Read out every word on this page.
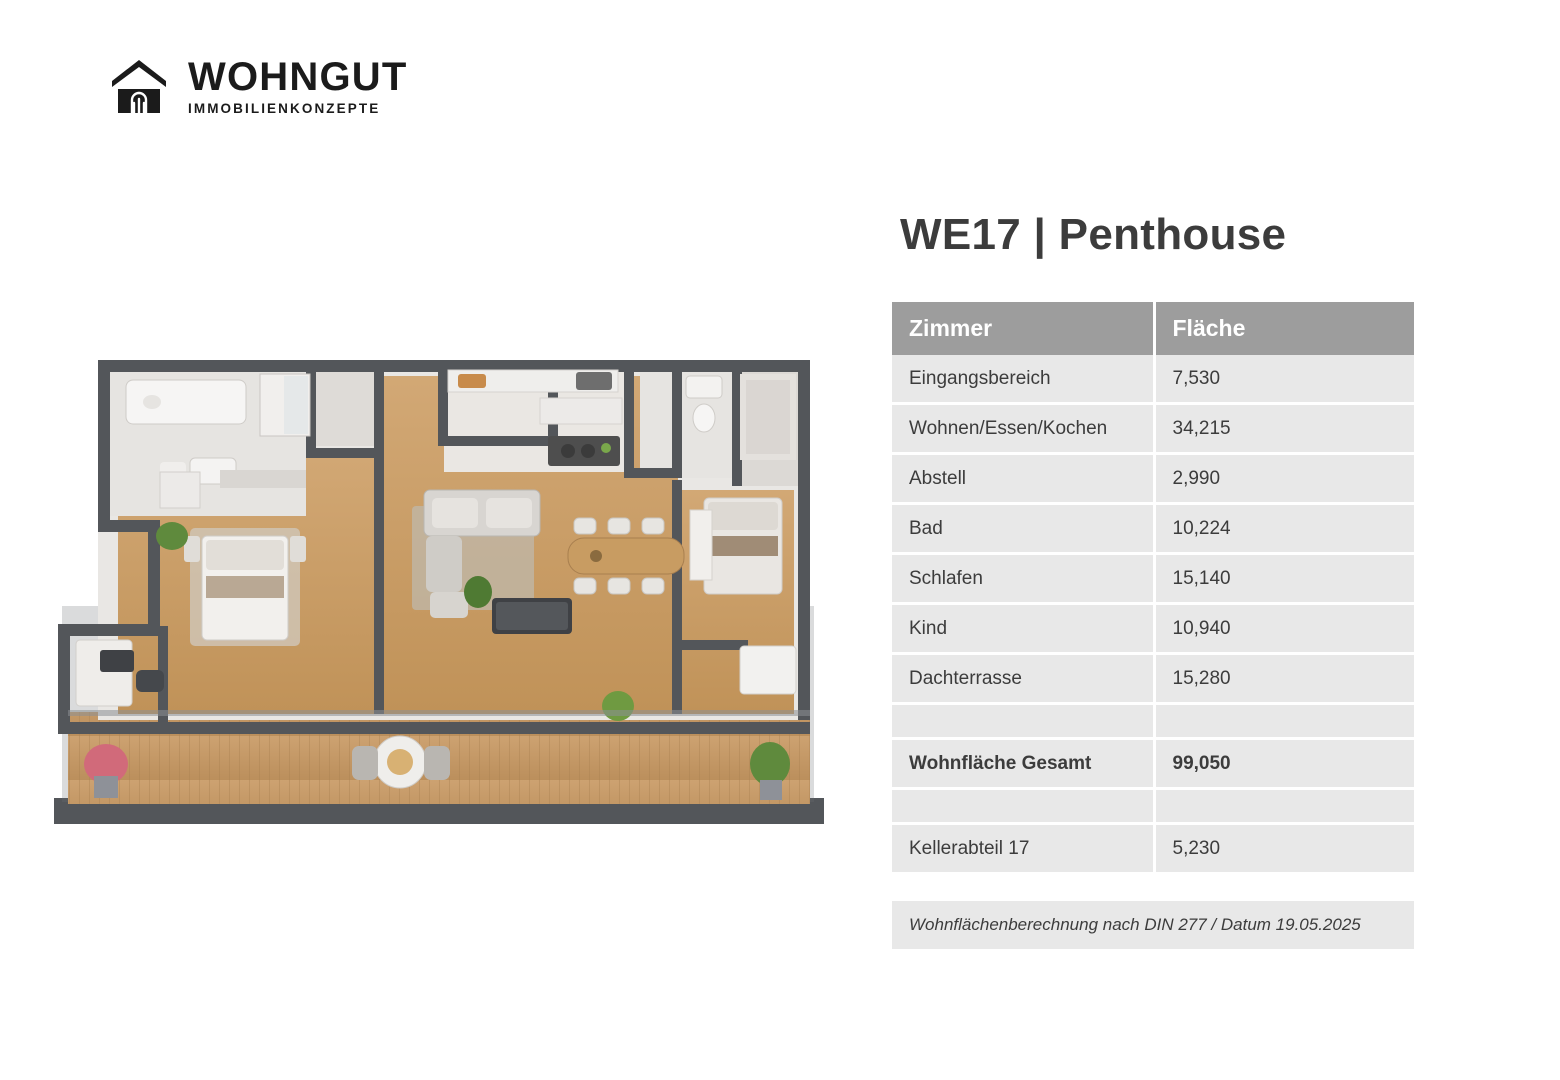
WOHNGUT
IMMOBILIENKONZEPTE
WE17 | Penthouse
Zimmer	Fläche
Eingangsbereich	7,530
Wohnen/Essen/Kochen	34,215
Abstell	2,990
Bad	10,224
Schlafen	15,140
Kind	10,940
Dachterrasse	15,280

Wohnfläche Gesamt	99,050

Kellerabteil 17	5,230
Wohnflächenberechnung nach DIN 277 / Datum 19.05.2025
